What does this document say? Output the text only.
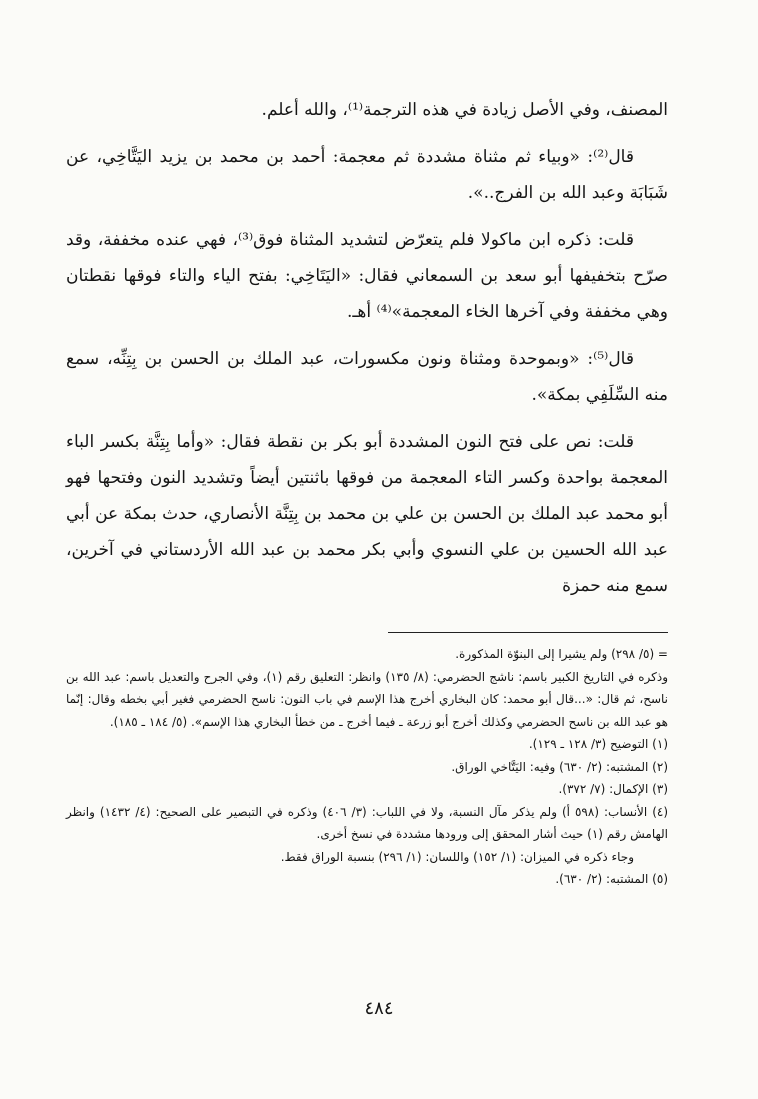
المصنف، وفي الأصل زيادة في هذه الترجمة⁽¹⁾، والله أعلم.

قال⁽²⁾: «وبياء ثم مثناة مشددة ثم معجمة: أحمد بن محمد بن يزيد اليَتَّاخِي، عن شَبَابَة وعبد الله بن الفرج..».

قلت: ذكره ابن ماكولا فلم يتعرّض لتشديد المثناة فوق⁽³⁾، فهي عنده مخففة، وقد صرّح بتخفيفها أبو سعد بن السمعاني فقال: «اليَتَاخِي: بفتح الياء والتاء فوقها نقطتان وهي مخففة وفي آخرها الخاء المعجمة»⁽⁴⁾ أهـ.

قال⁽⁵⁾: «وبموحدة ومثناة ونون مكسورات، عبد الملك بن الحسن بن بِتِنِّه، سمع منه السِّلَفِي بمكة».

قلت: نص على فتح النون المشددة أبو بكر بن نقطة فقال: «وأما بِتِنَّة بكسر الباء المعجمة بواحدة وكسر التاء المعجمة من فوقها باثنتين أيضاً وتشديد النون وفتحها فهو أبو محمد عبد الملك بن الحسن بن علي بن محمد بن بِتِنَّة الأنصاري، حدث بمكة عن أبي عبد الله الحسين بن علي النسوي وأبي بكر محمد بن عبد الله الأردستاني في آخرين، سمع منه حمزة

= (٥/ ٢٩٨) ولم يشيرا إلى البنوّة المذكورة.

وذكره في التاريخ الكبير باسم: ناشج الحضرمي: (٨/ ١٣٥) وانظر: التعليق رقم (١)، وفي الجرح والتعديل باسم: عبد الله بن ناسح، ثم قال: «...قال أبو محمد: كان البخاري أخرج هذا الإسم في باب النون: ناسح الحضرمي فغير أبي بخطه وقال: إنّما هو عبد الله بن ناسح الحضرمي وكذلك أخرج أبو زرعة ـ فيما أخرج ـ من خطأ البخاري هذا الإسم». (٥/ ١٨٤ ـ ١٨٥).

(١) التوضيح (٣/ ١٢٨ ـ ١٢٩).

(٢) المشتبه: (٢/ ٦٣٠) وفيه: اليَتَّاخي الوراق.

(٣) الإكمال: (٧/ ٣٧٢).

(٤) الأنساب: (٥٩٨ أ) ولم يذكر مآل النسبة، ولا في اللباب: (٣/ ٤٠٦) وذكره في التبصير على الصحيح: (٤/ ١٤٣٢) وانظر الهامش رقم (١) حيث أشار المحقق إلى ورودها مشددة في نسخ أخرى.

وجاء ذكره في الميزان: (١/ ١٥٢) واللسان: (١/ ٢٩٦) بنسبة الوراق فقط.

(٥) المشتبه: (٢/ ٦٣٠).

٤٨٤
